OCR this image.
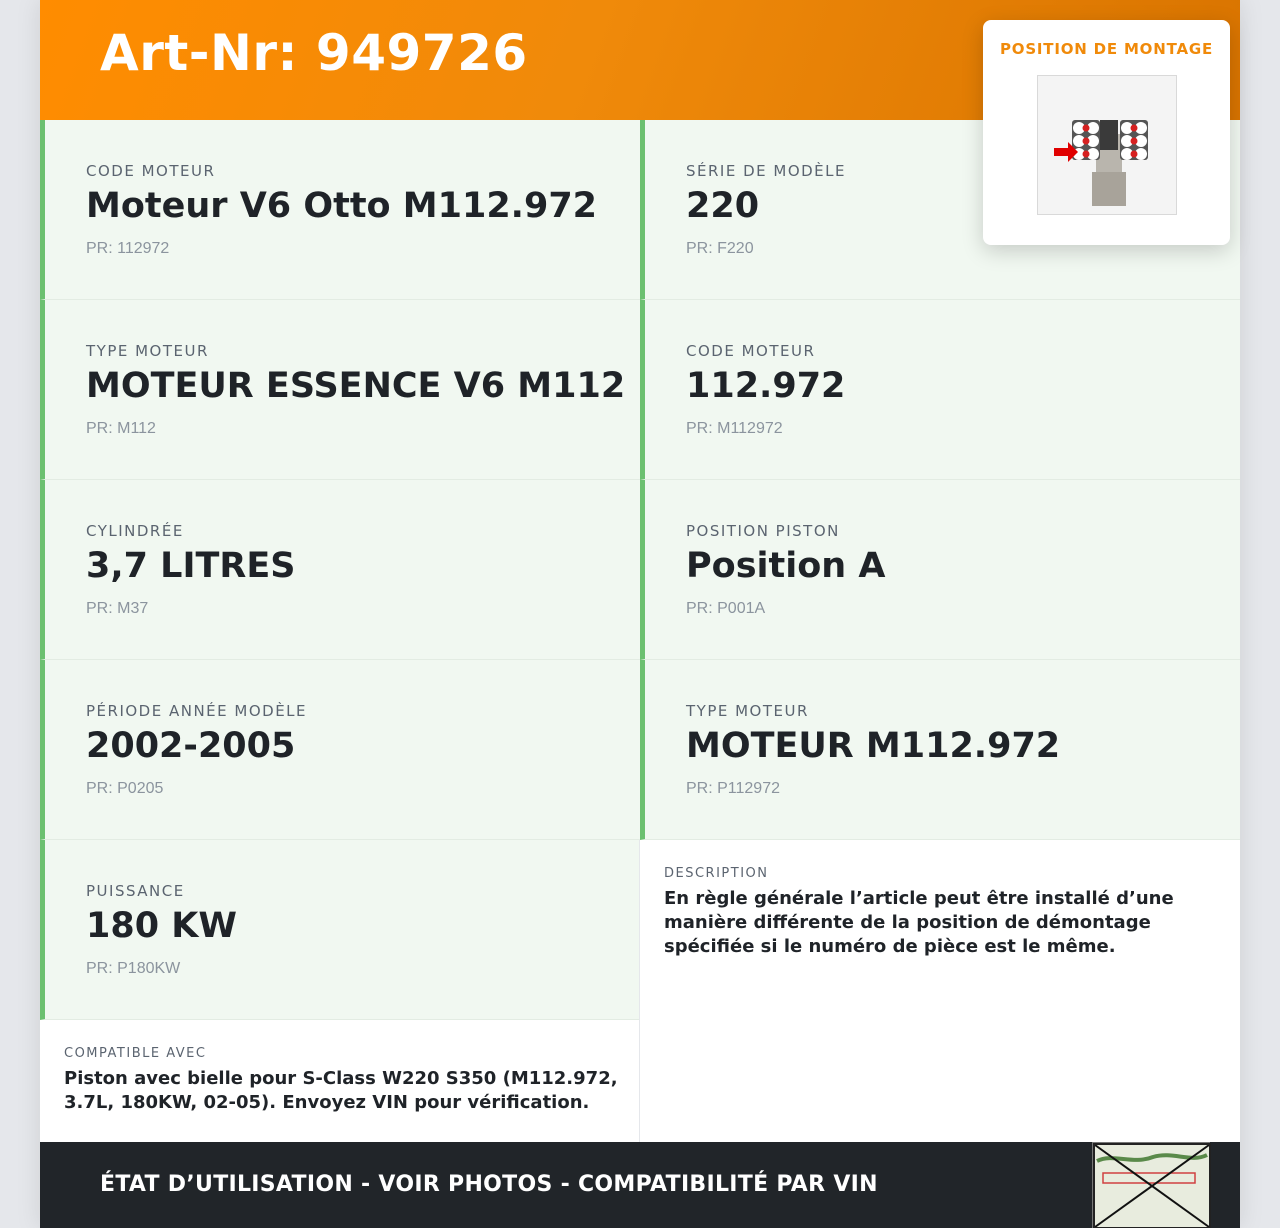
Art-Nr: 949726
CODE MOTEUR
Moteur V6 Otto M112.972
PR: 112972
SÉRIE DE MODÈLE
220
PR: F220
TYPE MOTEUR
MOTEUR ESSENCE V6 M112
PR: M112
CODE MOTEUR
112.972
PR: M112972
CYLINDRÉE
3,7 LITRES
PR: M37
POSITION PISTON
Position A
PR: P001A
PÉRIODE ANNÉE MODÈLE
2002-2005
PR: P0205
TYPE MOTEUR
MOTEUR M112.972
PR: P112972
PUISSANCE
180 KW
PR: P180KW
DESCRIPTION
En règle générale l’article peut être installé d’une manière différente de la position de démontage spécifiée si le numéro de pièce est le même.
COMPATIBLE AVEC
Piston avec bielle pour S-Class W220 S350 (M112.972, 3.7L, 180KW, 02-05). Envoyez VIN pour vérification.
POSITION DE MONTAGE
ÉTAT D’UTILISATION - VOIR PHOTOS - COMPATIBILITÉ PAR VIN
